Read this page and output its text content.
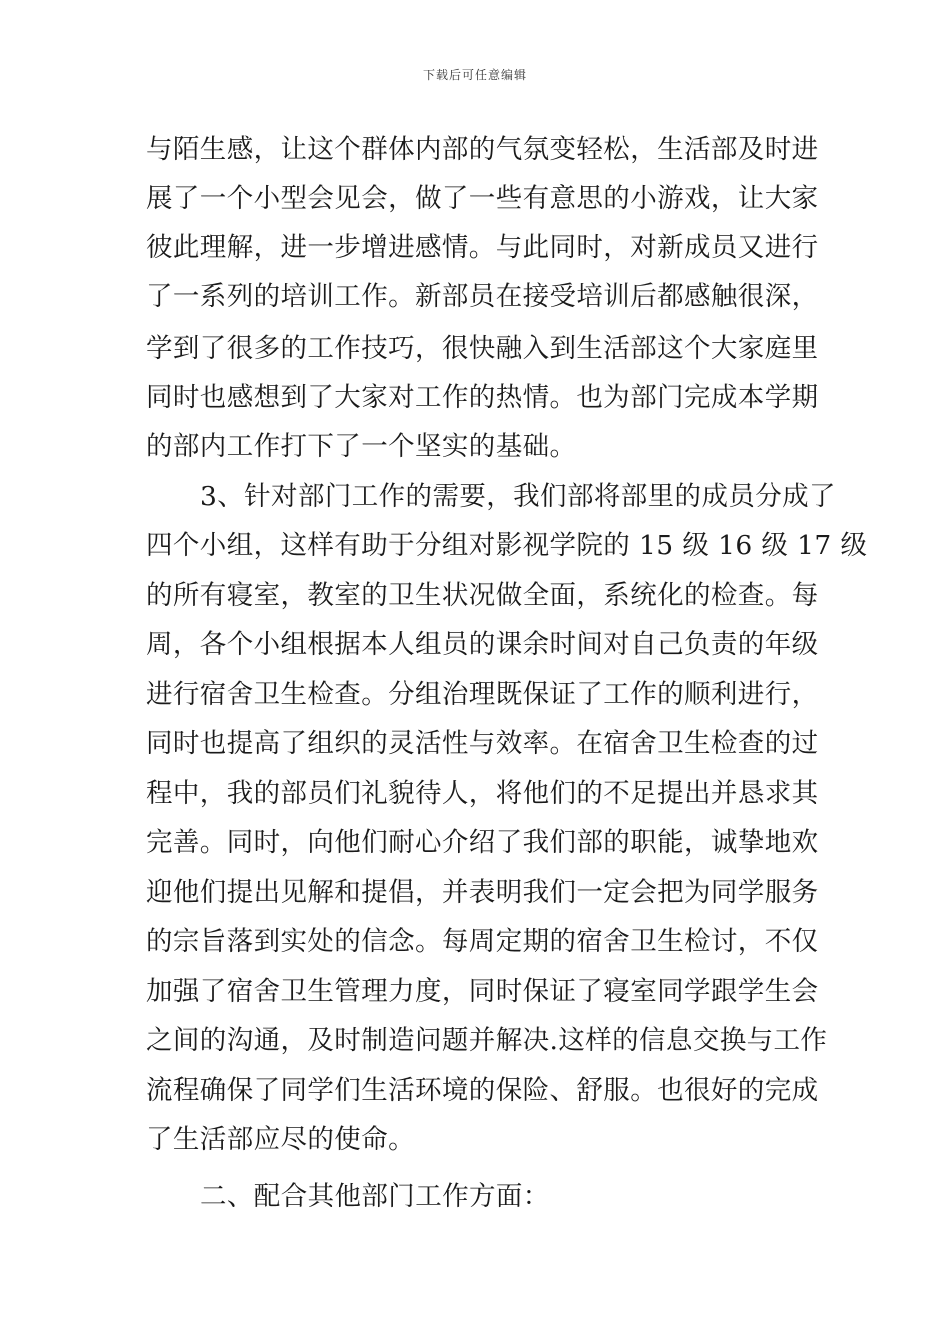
下载后可任意编辑
与陌生感，让这个群体内部的气氛变轻松，生活部及时进
展了一个小型会见会，做了一些有意思的小游戏，让大家
彼此理解，进一步增进感情。与此同时，对新成员又进行
了一系列的培训工作。新部员在接受培训后都感触很深，
学到了很多的工作技巧，很快融入到生活部这个大家庭里
同时也感想到了大家对工作的热情。也为部门完成本学期
的部内工作打下了一个坚实的基础。
3、针对部门工作的需要，我们部将部里的成员分成了
四个小组，这样有助于分组对影视学院的 15 级 16 级 17 级
的所有寝室，教室的卫生状况做全面，系统化的检查。每
周，各个小组根据本人组员的课余时间对自己负责的年级
进行宿舍卫生检查。分组治理既保证了工作的顺利进行，
同时也提高了组织的灵活性与效率。在宿舍卫生检查的过
程中，我的部员们礼貌待人，将他们的不足提出并恳求其
完善。同时，向他们耐心介绍了我们部的职能，诚挚地欢
迎他们提出见解和提倡，并表明我们一定会把为同学服务
的宗旨落到实处的信念。每周定期的宿舍卫生检讨，不仅
加强了宿舍卫生管理力度，同时保证了寝室同学跟学生会
之间的沟通，及时制造问题并解决.这样的信息交换与工作
流程确保了同学们生活环境的保险、舒服。也很好的完成
了生活部应尽的使命。
二、配合其他部门工作方面：
